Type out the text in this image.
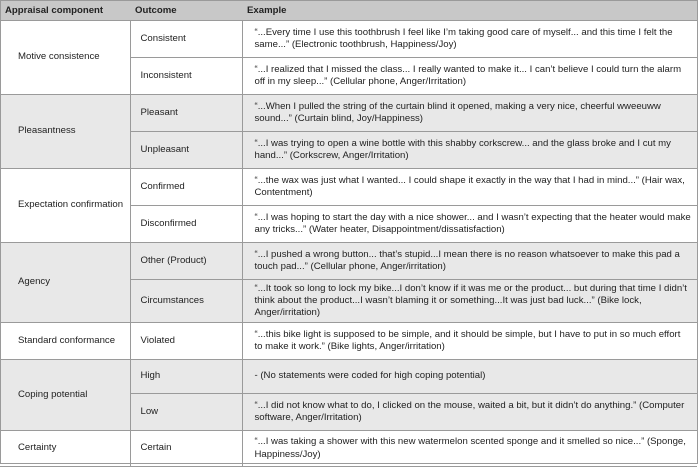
Appraisal component	Outcome	Example
Motive consistence	Consistent	“...Every time I use this toothbrush I feel like I’m taking good care of myself... and this time I felt the same...” (Electronic toothbrush, Happiness/Joy)
	Inconsistent	“...I realized that I missed the class... I really wanted to make it... I can’t believe I could turn the alarm off in my sleep...” (Cellular phone, Anger/Irritation)
Pleasantness	Pleasant	“...When I pulled the string of the curtain blind it opened, making a very nice, cheerful wweeuww sound...” (Curtain blind, Joy/Happiness)
	Unpleasant	“...I was trying to open a wine bottle with this shabby corkscrew... and the glass broke and I cut my hand...” (Corkscrew, Anger/Irritation)
Expectation confirmation	Confirmed	“...the wax was just what I wanted... I could shape it exactly in the way that I had in mind...” (Hair wax, Contentment)
	Disconfirmed	“...I was hoping to start the day with a nice shower... and I wasn’t expecting that the heater would make any tricks...” (Water heater, Disappointment/dissatisfaction)
Agency	Other (Product)	“...I pushed a wrong button... that’s stupid...I mean there is no reason whatsoever to make this pad a touch pad...” (Cellular phone, Anger/irritation)
	Circumstances	“...It took so long to lock my bike...I don’t know if it was me or the product... but during that time I didn’t think about the product...I wasn’t blaming it or something...It was just bad luck...” (Bike lock, Anger/irritation)
Standard conformance	Violated	“...this bike light is supposed to be simple, and it should be simple, but I have to put in so much effort to make it work.” (Bike lights, Anger/irritation)
Coping potential	High	- (No statements were coded for high coping potential)
	Low	“...I did not know what to do, I clicked on the mouse, waited a bit, but it didn’t do anything.” (Computer software, Anger/Irritation)
Certainty	Certain	“...I was taking a shower with this new watermelon scented sponge and it smelled so nice...” (Sponge, Happiness/Joy)
